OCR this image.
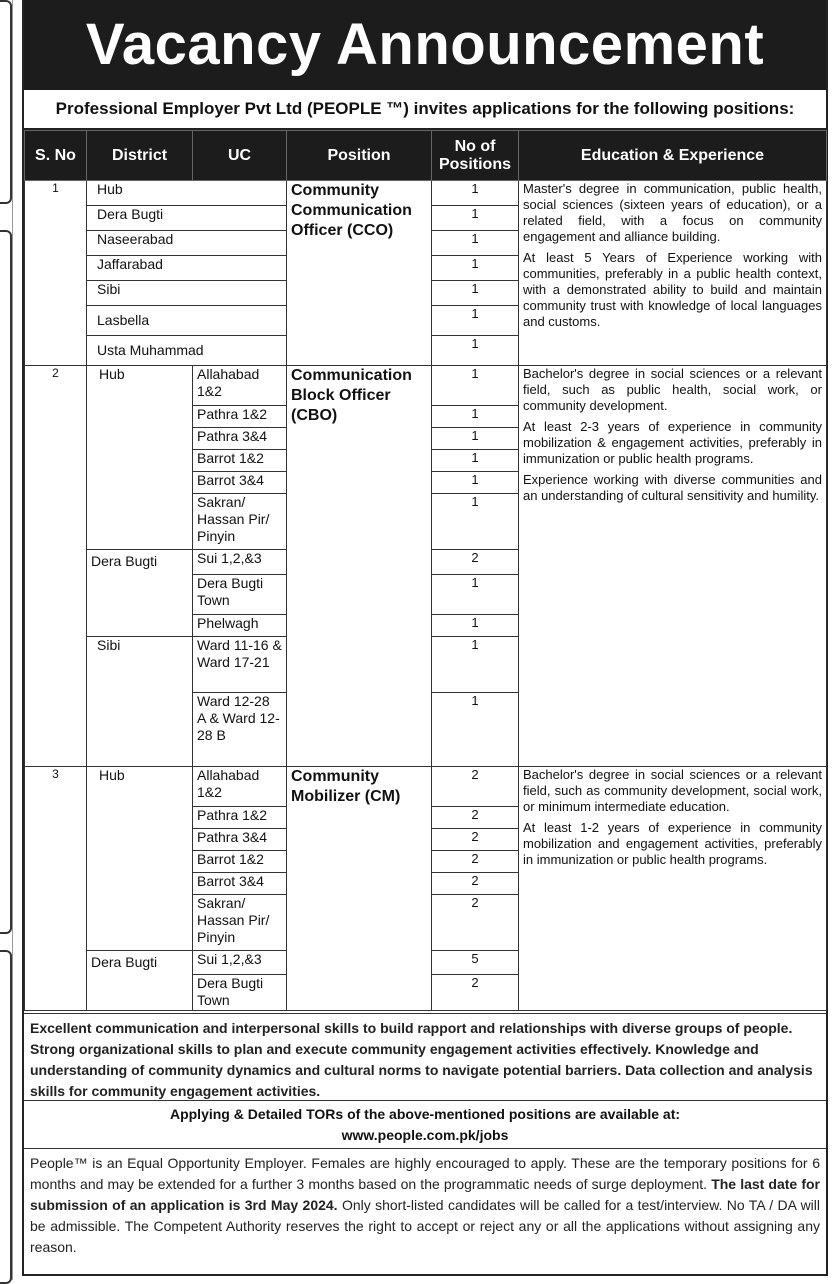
Vacancy Announcement
Professional Employer Pvt Ltd (PEOPLE ™) invites applications for the following positions:
S. No	District	UC	Position	No of Positions	Education & Experience
1	Hub		Community Communication Officer (CCO)	1	Master's degree in communication, public health, social sciences (sixteen years of education), or a related field, with a focus on community engagement and alliance building.

At least 5 Years of Experience working with communities, preferably in a public health context, with a demonstrated ability to build and maintain community trust with knowledge of local languages and customs.

	Dera Bugti			1	
	Naseerabad			1	
	Jaffarabad			1	
	Sibi			1	
	Lasbella			1	
	Usta Muhammad			1	
2	Hub	Allahabad 1&2	Communication Block Officer (CBO)	1	Bachelor's degree in social sciences or a relevant field, such as public health, social work, or community development.

At least 2-3 years of experience in community mobilization & engagement activities, preferably in immunization or public health programs.

Experience working with diverse communities and an understanding of cultural sensitivity and humility.

		Pathra 1&2		1	
		Pathra 3&4		1	
		Barrot 1&2		1	
		Barrot 3&4		1	
		Sakran/ Hassan Pir/ Pinyin		1	
	Dera Bugti	Sui 1,2,&3		2	
		Dera Bugti Town		1	
		Phelwagh		1	
	Sibi	Ward 11-16 & Ward 17-21		1	
		Ward 12-28 A & Ward 12-28 B		1	
3	Hub	Allahabad 1&2	Community Mobilizer (CM)	2	Bachelor's degree in social sciences or a relevant field, such as community development, social work, or minimum intermediate education.

At least 1-2 years of experience in community mobilization and engagement activities, preferably in immunization or public health programs.

		Pathra 1&2		2	
		Pathra 3&4		2	
		Barrot 1&2		2	
		Barrot 3&4		2	
		Sakran/ Hassan Pir/ Pinyin		2	
	Dera Bugti	Sui 1,2,&3		5	
		Dera Bugti Town		2	
Excellent communication and interpersonal skills to build rapport and relationships with diverse groups of people. Strong organizational skills to plan and execute community engagement activities effectively. Knowledge and understanding of community dynamics and cultural norms to navigate potential barriers. Data collection and analysis skills for community engagement activities.
Applying & Detailed TORs of the above-mentioned positions are available at:
www.people.com.pk/jobs
People™ is an Equal Opportunity Employer. Females are highly encouraged to apply. These are the temporary positions for 6 months and may be extended for a further 3 months based on the programmatic needs of surge deployment. The last date for submission of an application is 3rd May 2024. Only short-listed candidates will be called for a test/interview. No TA / DA will be admissible. The Competent Authority reserves the right to accept or reject any or all the applications without assigning any reason.
